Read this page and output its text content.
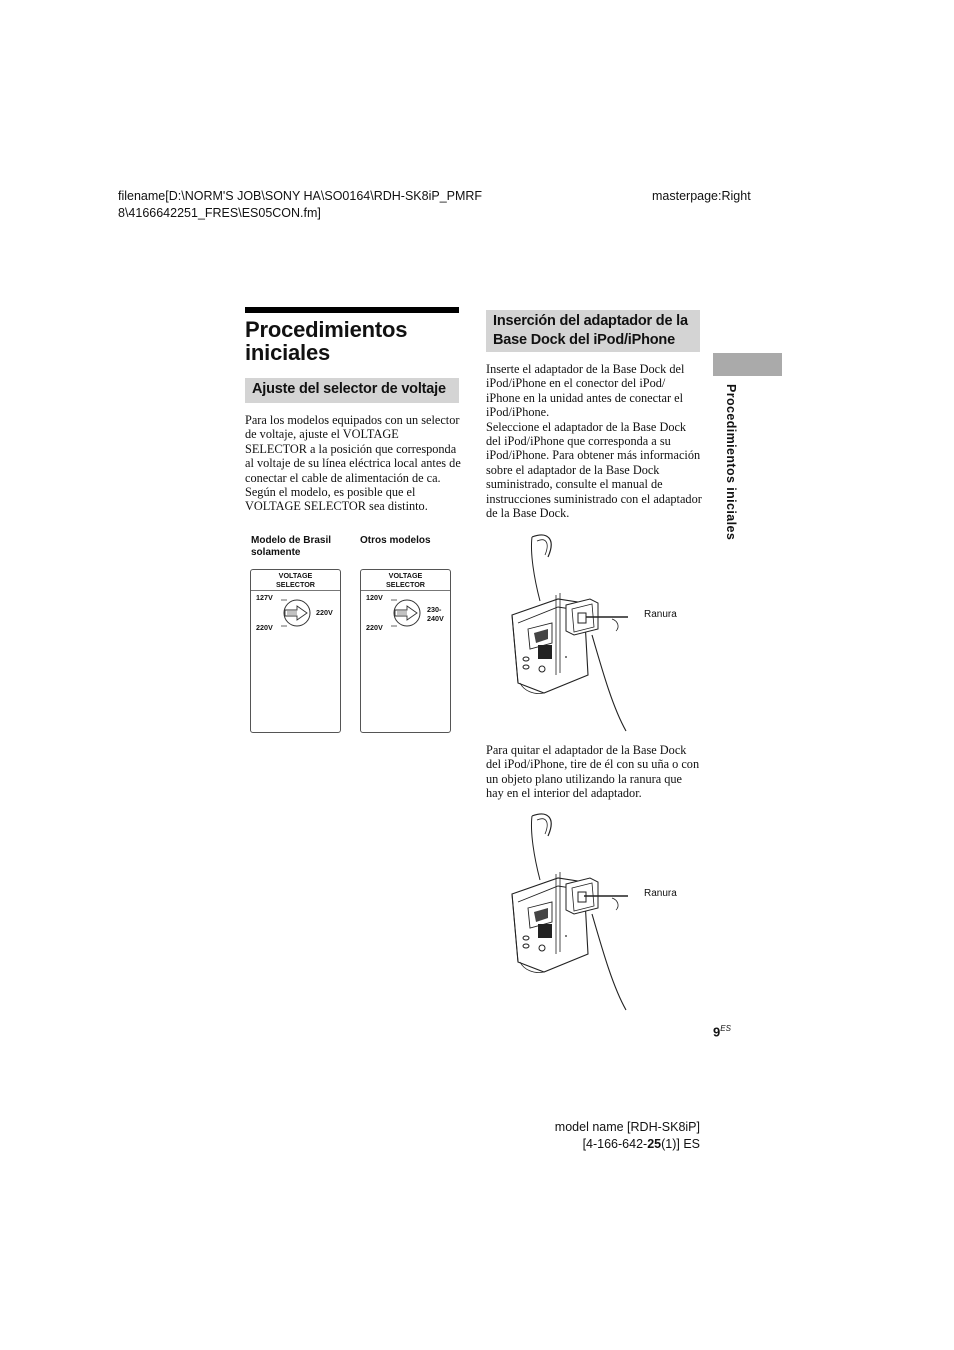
filename[D:\NORM'S JOB\SONY HA\SO0164\RDH-SK8iP_PMRF
8\4166642251_FRES\ES05CON.fm]
masterpage:Right
Procedimientos
iniciales
Ajuste del selector de voltaje

Para los modelos equipados con un selector de voltaje, ajuste el VOLTAGE SELECTOR a la posición que corresponda al voltaje de su línea eléctrica local antes de conectar el cable de alimentación de ca.

Según el modelo, es posible que el VOLTAGE SELECTOR sea distinto.

Modelo de Brasil
solamente
Otros modelos
VOLTAGE
SELECTOR
127V
220V
220V
VOLTAGE
SELECTOR
120V
220V
230-
240V
Inserción del adaptador de la
Base Dock del iPod/iPhone

Inserte el adaptador de la Base Dock del iPod/iPhone en el conector del iPod/ iPhone en la unidad antes de conectar el iPod/iPhone.

Seleccione el adaptador de la Base Dock del iPod/iPhone que corresponda a su iPod/iPhone. Para obtener más información sobre el adaptador de la Base Dock suministrado, consulte el manual de instrucciones suministrado con el adaptador de la Base Dock.

Ranura
Para quitar el adaptador de la Base Dock del iPod/iPhone, tire de él con su uña o con un objeto plano utilizando la ranura que hay en el interior del adaptador.
Ranura
Procedimientos iniciales
$9^{ES}$
model name [RDH-SK8iP]
[4-166-642-25(1)] ES
